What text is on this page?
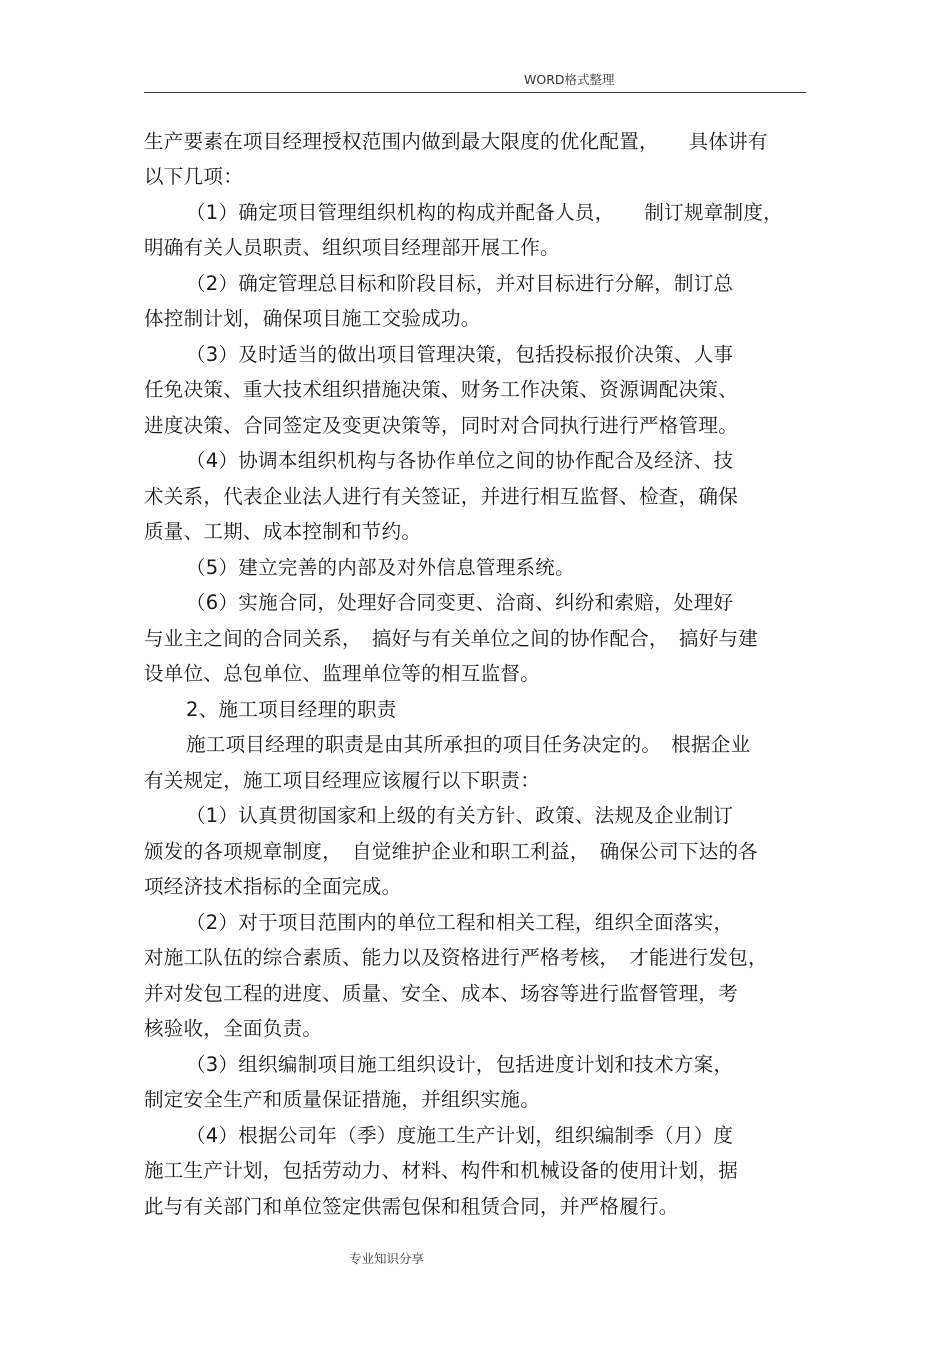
WORD格式整理
生产要素在项目经理授权范围内做到最大限度的优化配置，　　具体讲有
以下几项：
（1）确定项目管理组织机构的构成并配备人员，　　制订规章制度，
明确有关人员职责、组织项目经理部开展工作。
（2）确定管理总目标和阶段目标，并对目标进行分解，制订总
体控制计划，确保项目施工交验成功。
（3）及时适当的做出项目管理决策，包括投标报价决策、人事
任免决策、重大技术组织措施决策、财务工作决策、资源调配决策、
进度决策、合同签定及变更决策等，同时对合同执行进行严格管理。
（4）协调本组织机构与各协作单位之间的协作配合及经济、技
术关系，代表企业法人进行有关签证，并进行相互监督、检查，确保
质量、工期、成本控制和节约。
（5）建立完善的内部及对外信息管理系统。
（6）实施合同，处理好合同变更、洽商、纠纷和索赔，处理好
与业主之间的合同关系，　搞好与有关单位之间的协作配合，　搞好与建
设单位、总包单位、监理单位等的相互监督。
2、施工项目经理的职责
施工项目经理的职责是由其所承担的项目任务决定的。　根据企业
有关规定，施工项目经理应该履行以下职责：
（1）认真贯彻国家和上级的有关方针、政策、法规及企业制订
颁发的各项规章制度，　自觉维护企业和职工利益，　确保公司下达的各
项经济技术指标的全面完成。
（2）对于项目范围内的单位工程和相关工程，组织全面落实，
对施工队伍的综合素质、能力以及资格进行严格考核，　才能进行发包，
并对发包工程的进度、质量、安全、成本、场容等进行监督管理，考
核验收，全面负责。
（3）组织编制项目施工组织设计，包括进度计划和技术方案，
制定安全生产和质量保证措施，并组织实施。
（4）根据公司年（季）度施工生产计划，组织编制季（月）度
施工生产计划，包括劳动力、材料、构件和机械设备的使用计划，据
此与有关部门和单位签定供需包保和租赁合同，并严格履行。
专业知识分享
